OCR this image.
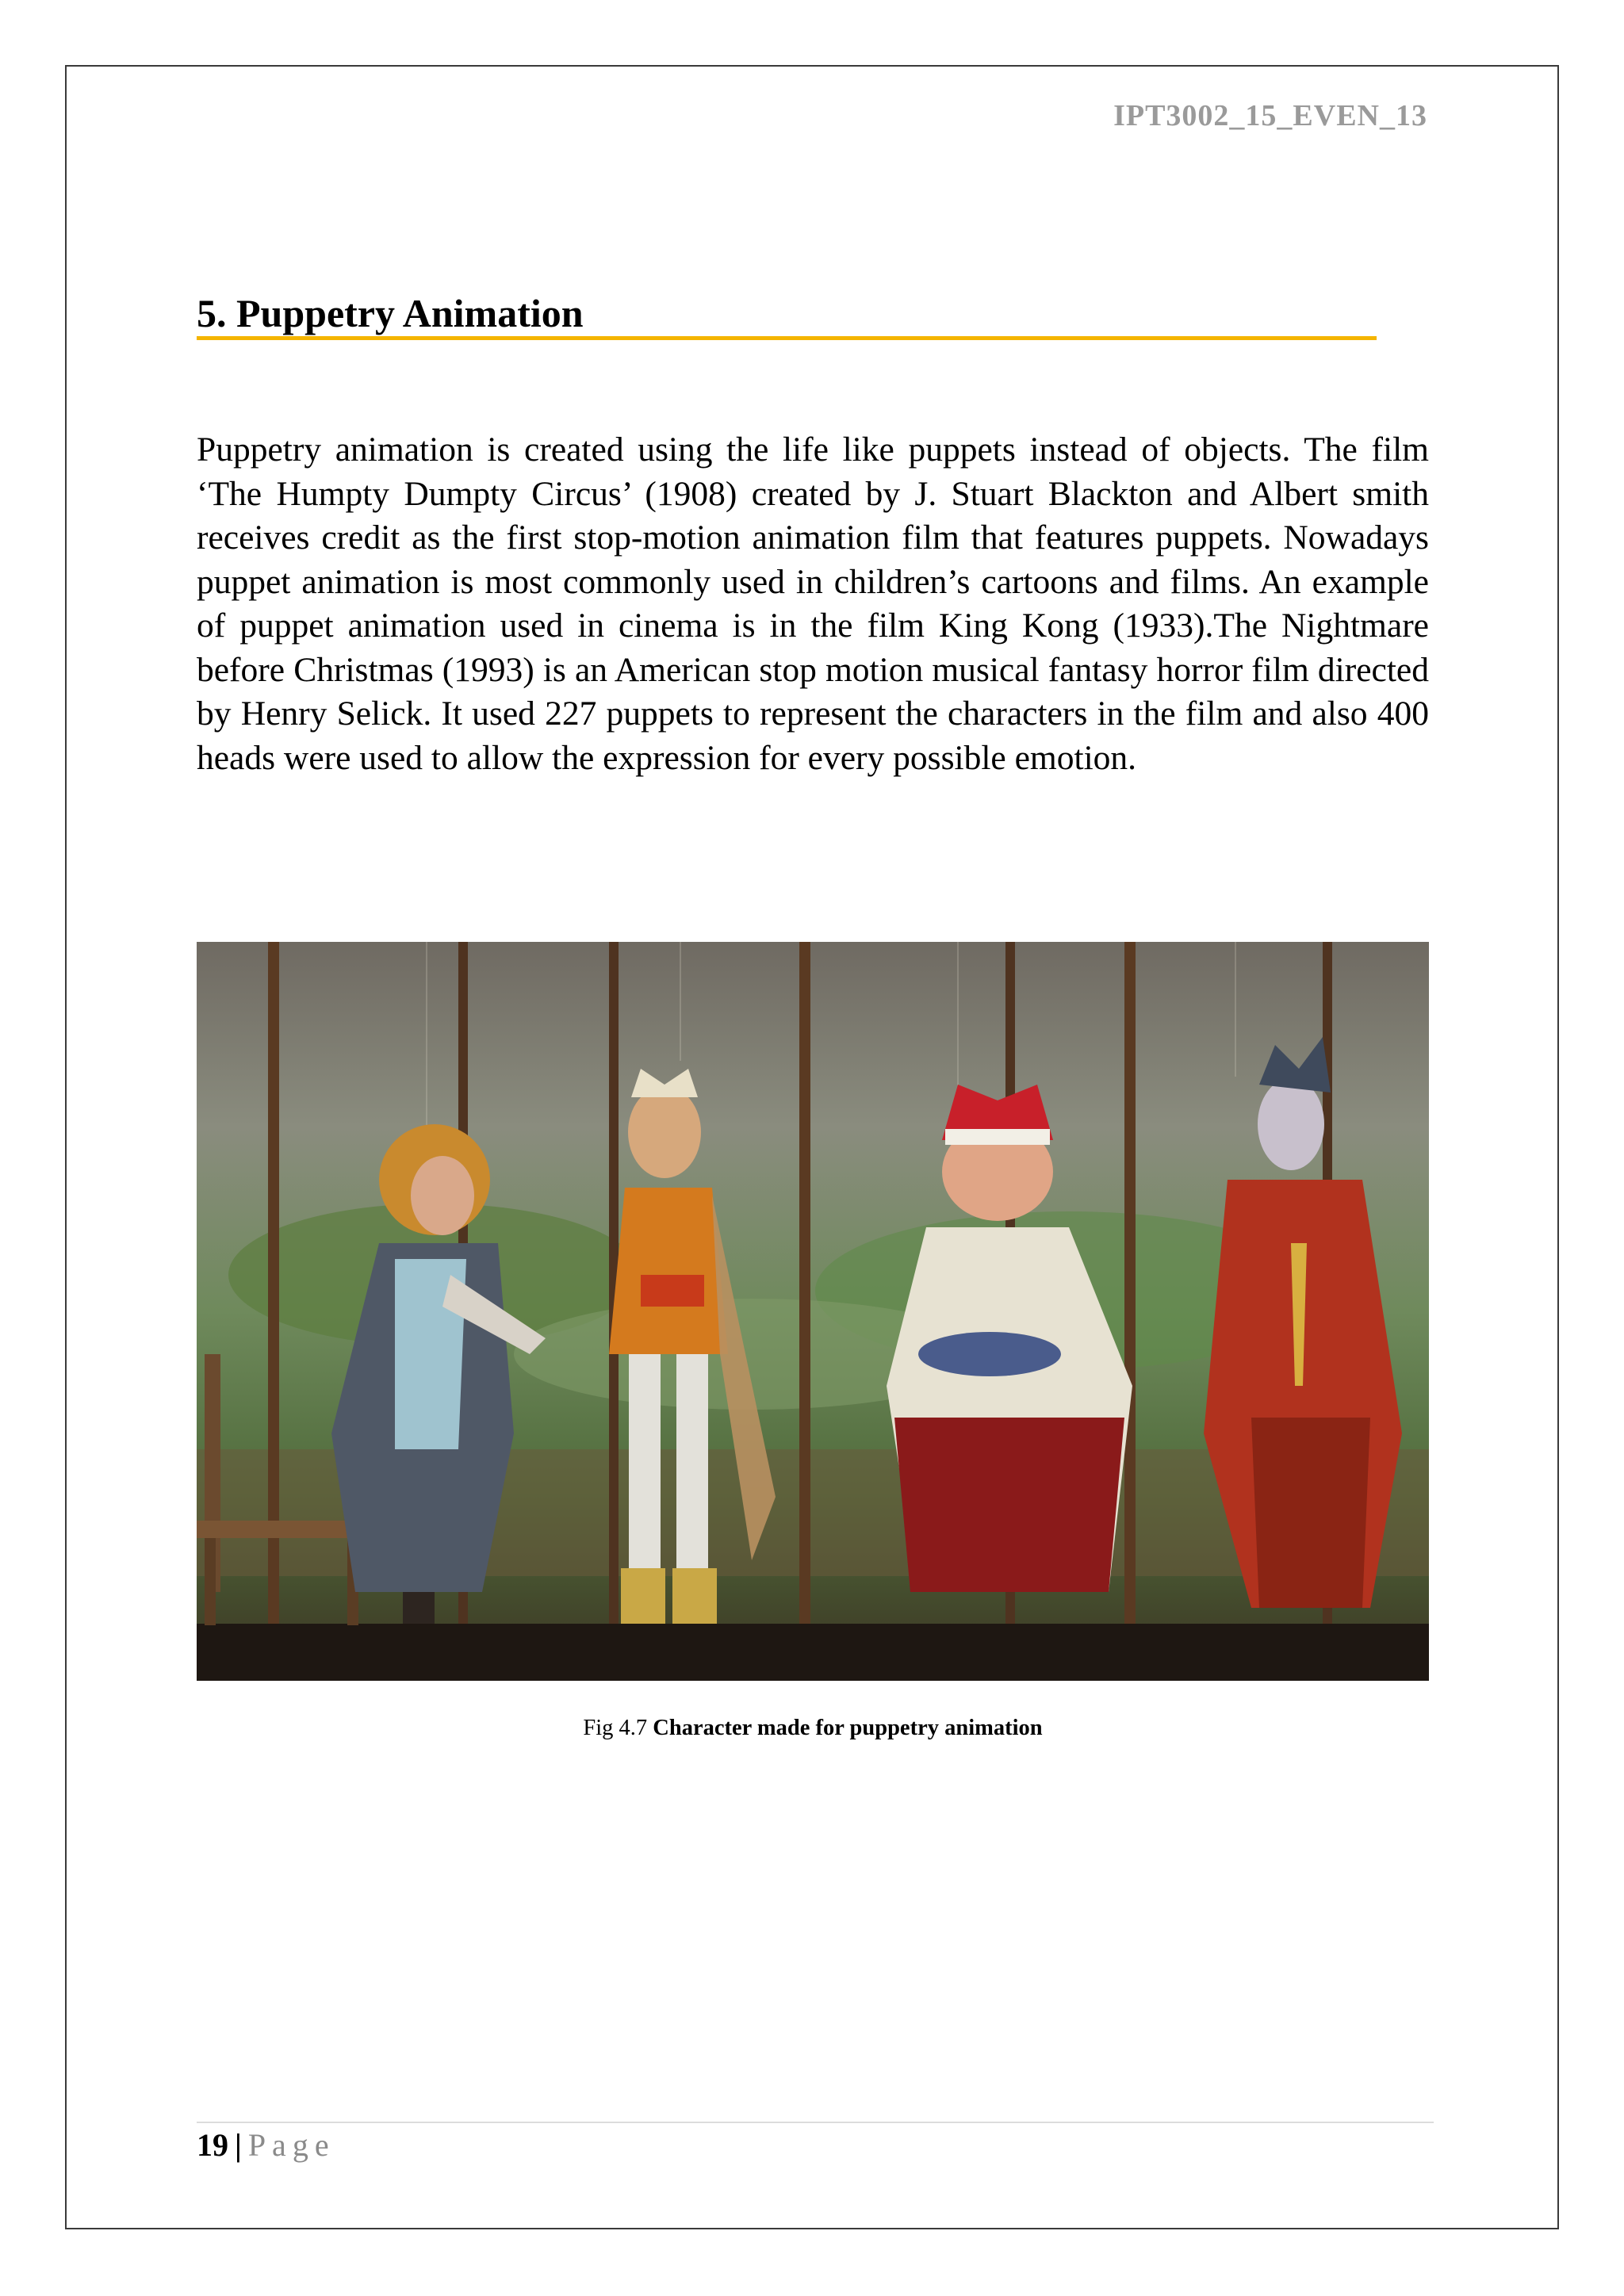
IPT3002_15_EVEN_13
5. Puppetry Animation

Puppetry animation is created using the life like puppets instead of objects. The film ‘The Humpty Dumpty Circus’ (1908) created by J. Stuart Blackton and Albert smith receives credit as the first stop-motion animation film that features puppets. Nowadays puppet animation is most commonly used in children’s cartoons and films. An example of puppet animation used in cinema is in the film King Kong (1933).The Nightmare before Christmas (1993) is an American stop motion musical fantasy horror film directed by Henry Selick. It used 227 puppets to represent the characters in the film and also 400 heads were used to allow the expression for every possible emotion.

Fig 4.7 Character made for puppetry animation
19 | Page
